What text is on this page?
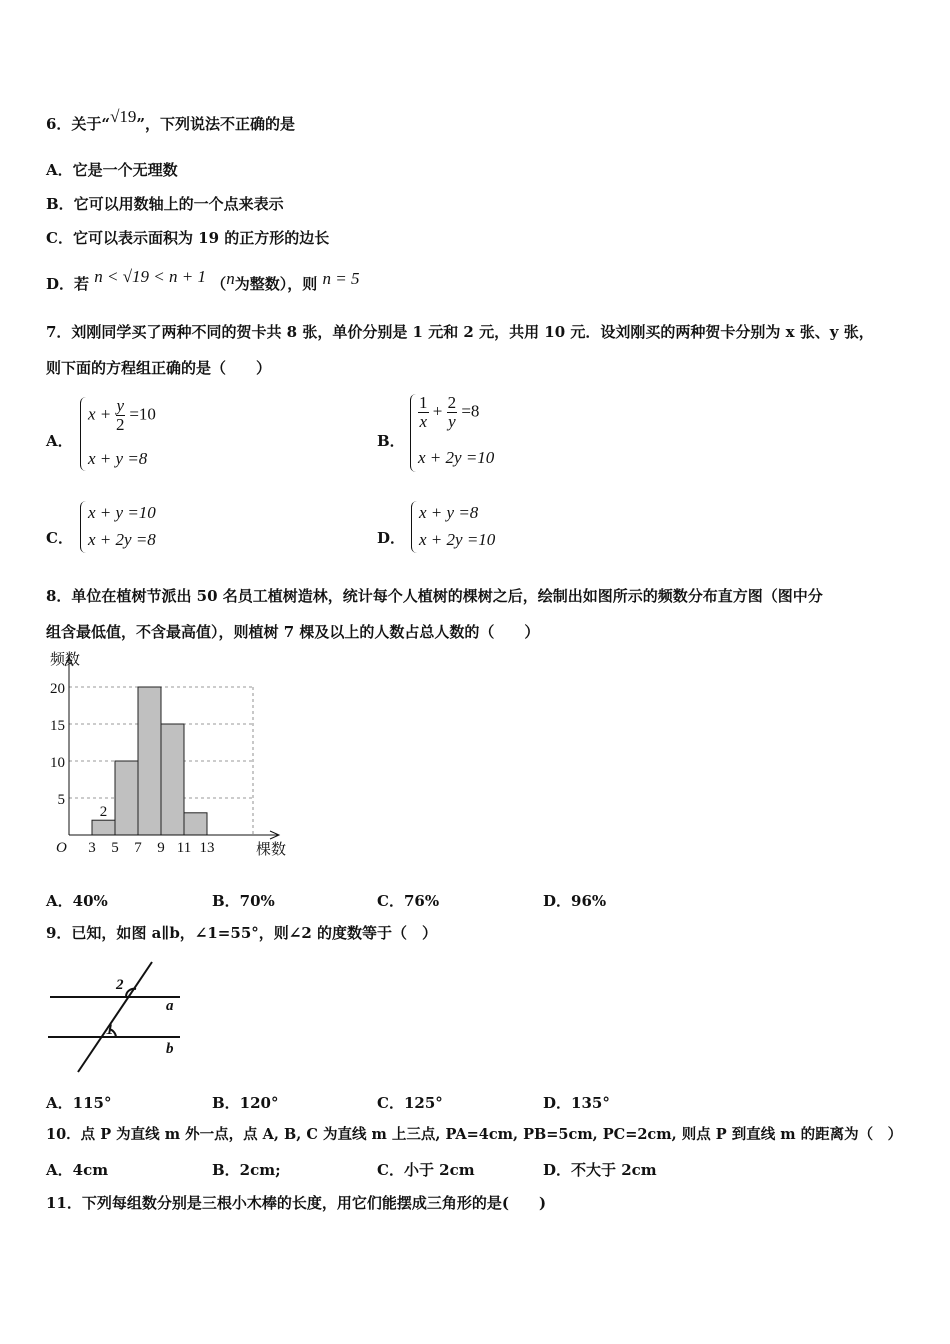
6．关于“√19”，下列说法不正确的是
A．它是一个无理数
B．它可以用数轴上的一个点来表示
C．它可以表示面积为 19 的正方形的边长
D．若 n < √19 < n + 1 （n为整数），则 n = 5
7．刘刚同学买了两种不同的贺卡共 8 张，单价分别是 1 元和 2 元，共用 10 元．设刘刚买的两种贺卡分别为 x 张、y 张，
则下面的方程组正确的是（　　）
A．
$x + \frac{y}{2} =10$
x + y =8
B．
$\frac{1}{x} + \frac{2}{y} =8$
x + 2y =10
C．
x + y =10
x + 2y =8	D．
x + y =8
x + 2y =10
8．单位在植树节派出 50 名员工植树造林，统计每个人植树的棵树之后，绘制出如图所示的频数分布直方图（图中分
组含最低值，不含最高值），则植树 7 棵及以上的人数占总人数的（　　）
频数
棵数
O
5
10
15
20
2
3 5 7 9 11 13
A．40%	B．70%	C．76%	D．96%
9．已知，如图 a∥b，∠1=55°，则∠2 的度数等于（　）
2
1
a
b
A．115°	B．120°	C．125°	D．135°
10．点 P 为直线 m 外一点，点 A, B, C 为直线 m 上三点, PA=4cm, PB=5cm, PC=2cm, 则点 P 到直线 m 的距离为（　）
A．4cm	B．2cm;	C．小于 2cm	D．不大于 2cm
11．下列每组数分别是三根小木棒的长度，用它们能摆成三角形的是(　　)
